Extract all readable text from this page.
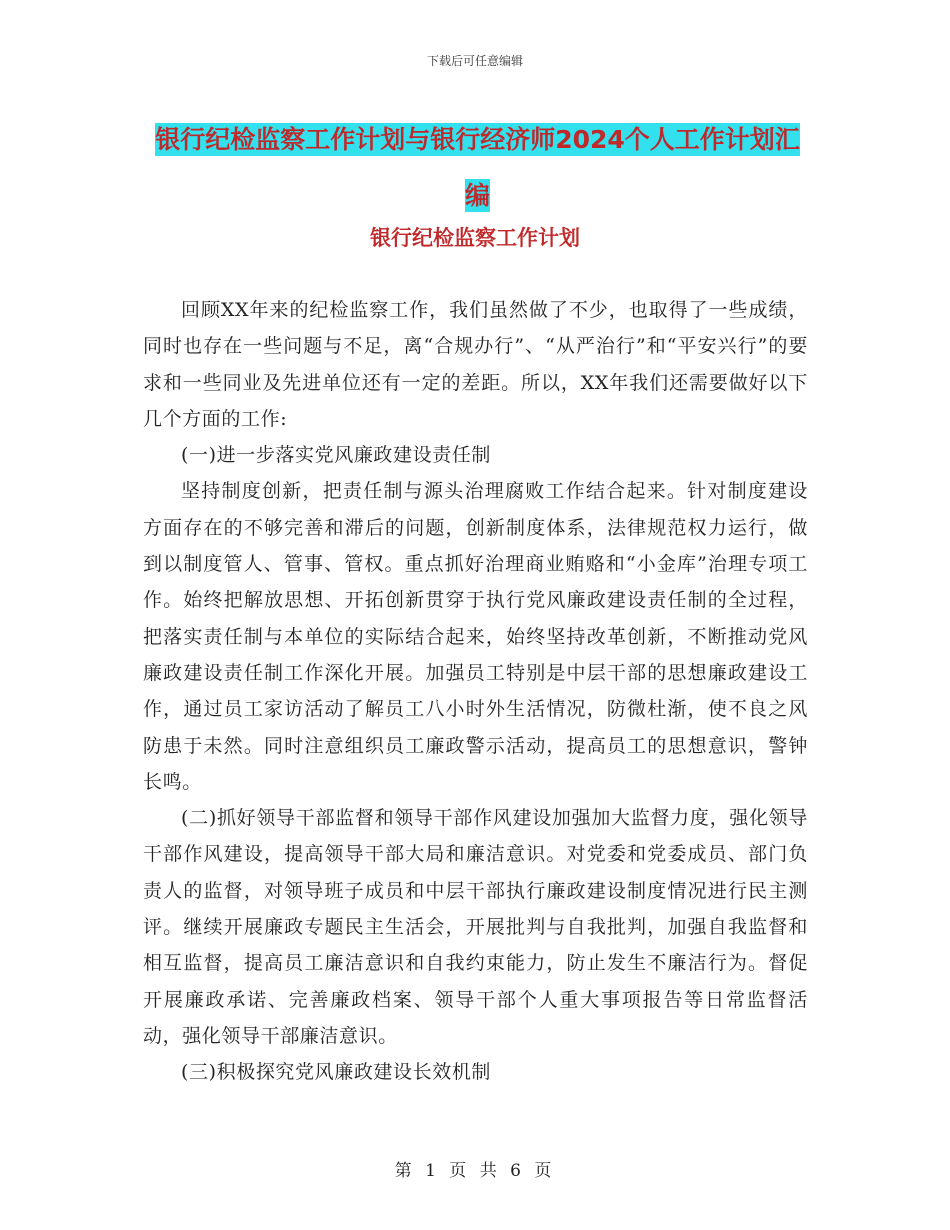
下载后可任意编辑
银行纪检监察工作计划与银行经济师2024个人工作计划汇编
银行纪检监察工作计划

回顾XX年来的纪检监察工作，我们虽然做了不少，也取得了一些成绩，同时也存在一些问题与不足，离“合规办行”、“从严治行”和“平安兴行”的要求和一些同业及先进单位还有一定的差距。所以，XX年我们还需要做好以下几个方面的工作:

(一)进一步落实党风廉政建设责任制

坚持制度创新，把责任制与源头治理腐败工作结合起来。针对制度建设方面存在的不够完善和滞后的问题，创新制度体系，法律规范权力运行，做到以制度管人、管事、管权。重点抓好治理商业贿赂和“小金库”治理专项工作。始终把解放思想、开拓创新贯穿于执行党风廉政建设责任制的全过程，把落实责任制与本单位的实际结合起来，始终坚持改革创新，不断推动党风廉政建设责任制工作深化开展。加强员工特别是中层干部的思想廉政建设工作，通过员工家访活动了解员工八小时外生活情况，防微杜渐，使不良之风防患于未然。同时注意组织员工廉政警示活动，提高员工的思想意识，警钟长鸣。

(二)抓好领导干部监督和领导干部作风建设加强加大监督力度，强化领导干部作风建设，提高领导干部大局和廉洁意识。对党委和党委成员、部门负责人的监督，对领导班子成员和中层干部执行廉政建设制度情况进行民主测评。继续开展廉政专题民主生活会，开展批判与自我批判，加强自我监督和相互监督，提高员工廉洁意识和自我约束能力，防止发生不廉洁行为。督促开展廉政承诺、完善廉政档案、领导干部个人重大事项报告等日常监督活动，强化领导干部廉洁意识。

(三)积极探究党风廉政建设长效机制

第 1 页 共 6 页
